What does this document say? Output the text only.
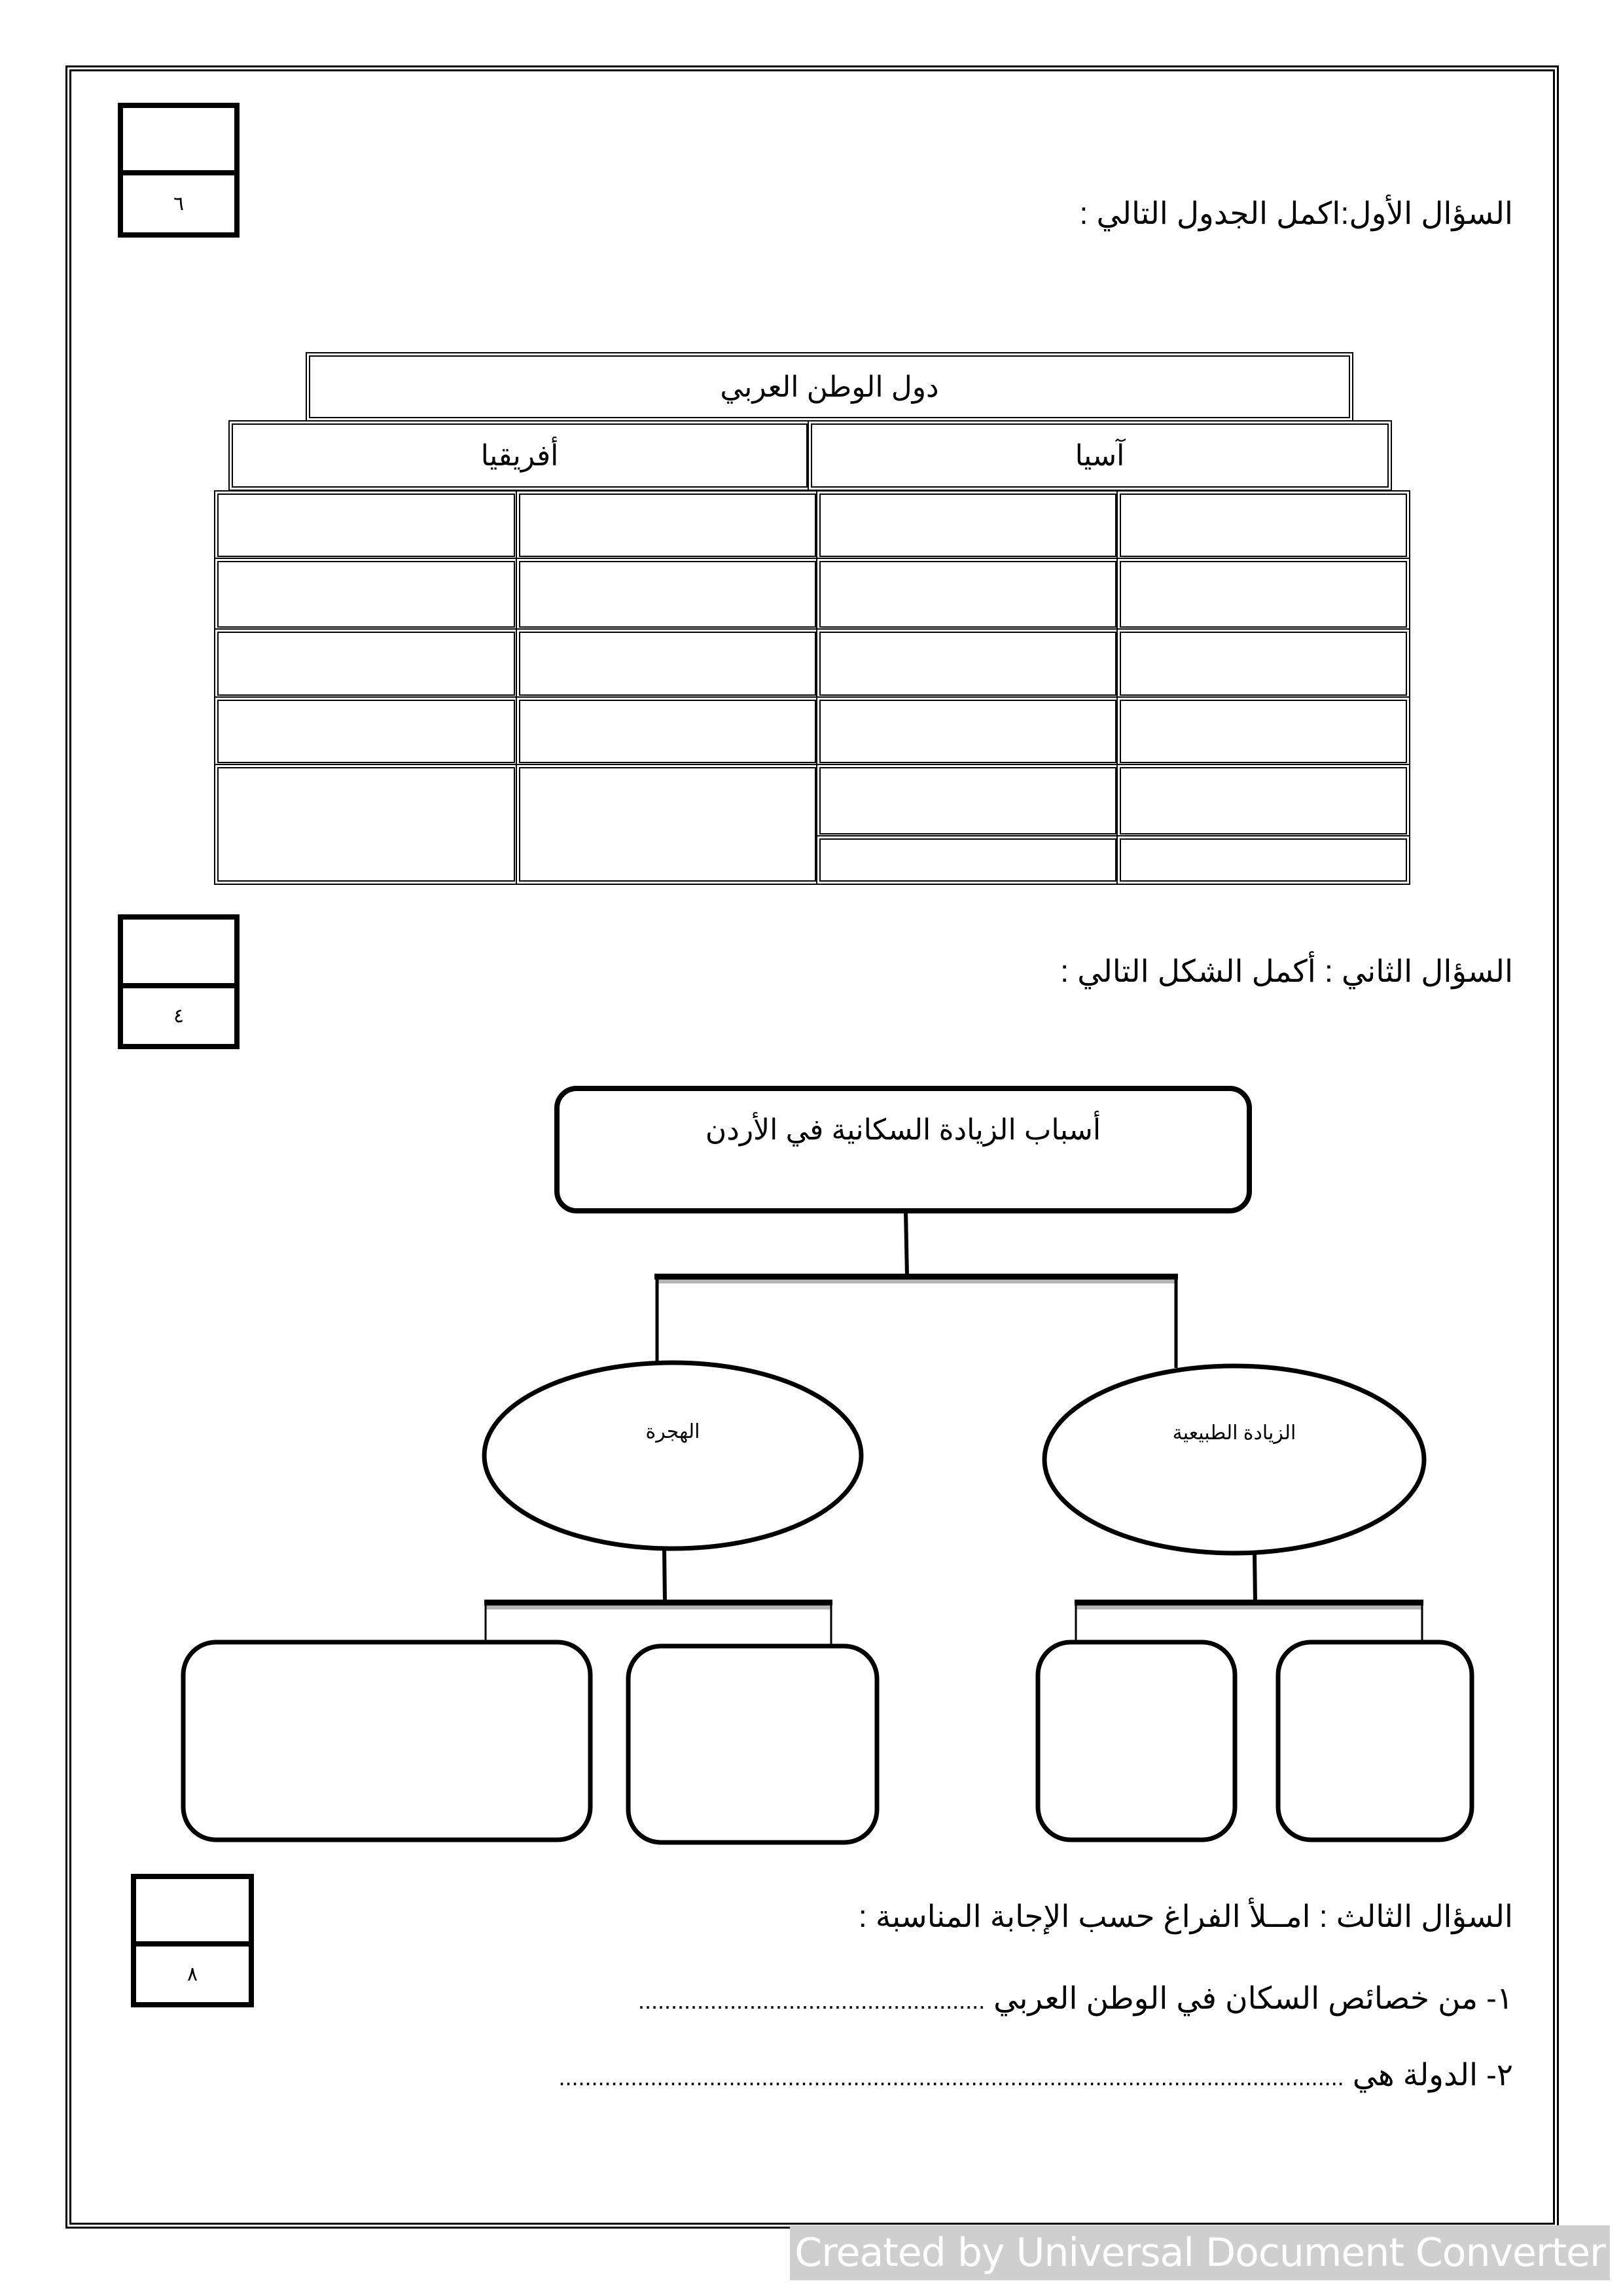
٦	السؤال الأول:اكمل الجدول التالي :
دول الوطن العربي
أفريقيا	آسيا
٤
السؤال الثاني : أكمل الشكل التالي :
أسباب الزيادة السكانية في الأردن
الهجرة	الزيادة الطبيعية
٨
السؤال الثالث : امــلأ الفراغ حسب الإجابة المناسبة :
١- من خصائص السكان في الوطن العربي .....................................................
٢- الدولة هي ........................................................................................................................
Created by Universal Document Converter
